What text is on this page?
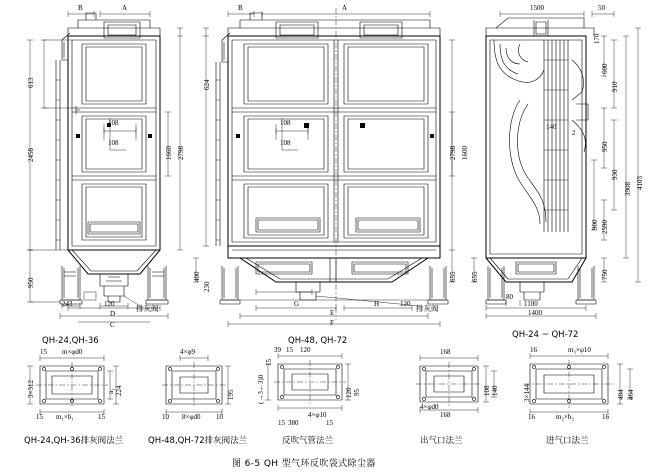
613
2458
950
1660 2798
108
108
243	120
C
D
B	A
排灰阀
QH-24,QH-36
624
2798 1600
655
400
108
108
120
G	H
E
F
B	A
230
排灰阀
QH-48, QH-72
1500	50
1100
1400
80
910
950
930
2590
3908 4103
600
170
140
2
900
750
655
QH-24 ~ QH-72
15
15	15
m×φd0
3×312
m₁×b₁
a₁ 224
QH-24,QH-36排灰阀法兰
4×φ9
10	10
8×φd0
195
QH-48,QH-72排灰阀法兰
120
15
120 95
4×φ10
(→3←3)0
39 15
380
15	15
反吹气管法兰
168
168
4×φd0
108 140
出气口法兰
16
16	16
m₂×b₂
3×144
m₃×φ10
404 464
进气口法兰
图 6-5 QH 型气环反吹袋式除尘器
